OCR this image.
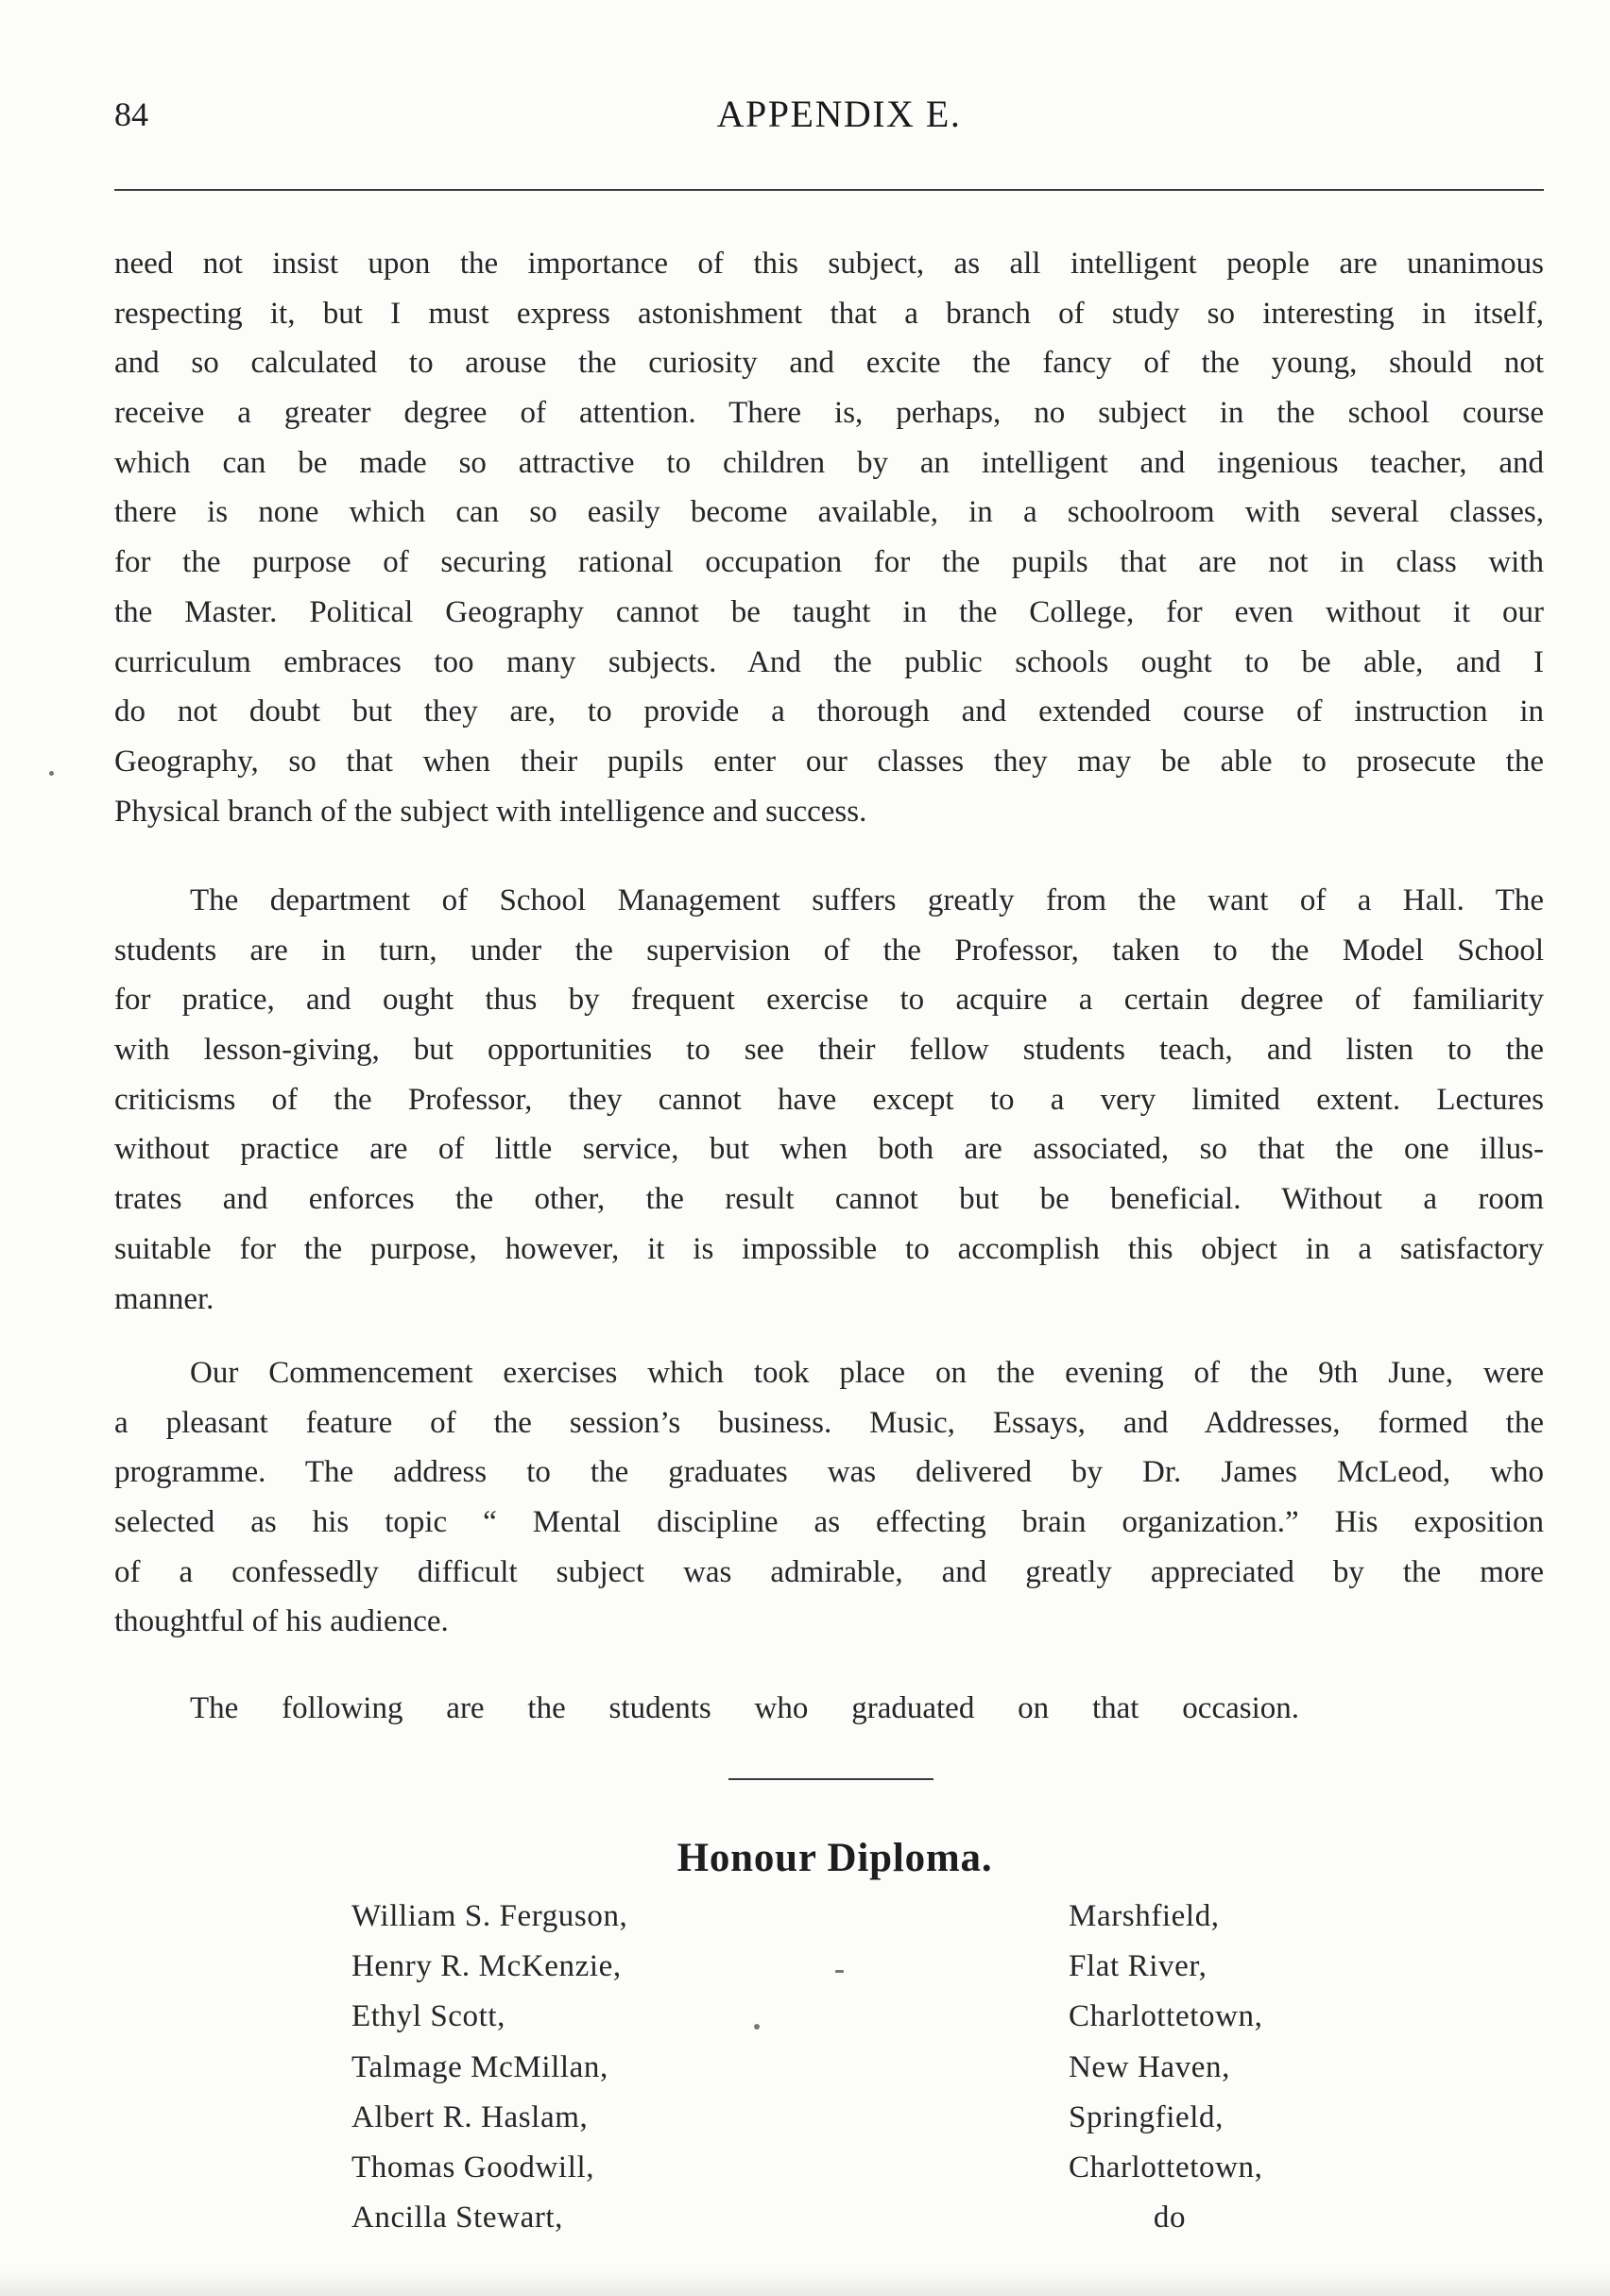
84	APPENDIX E.
need not insist upon the importance of this subject, as all intelligent people are unanimous
respecting it, but I must express astonishment that a branch of study so interesting in itself,
and so calculated to arouse the curiosity and excite the fancy of the young, should not
receive a greater degree of attention. There is, perhaps, no subject in the school course
which can be made so attractive to children by an intelligent and ingenious teacher, and
there is none which can so easily become available, in a schoolroom with several classes,
for the purpose of securing rational occupation for the pupils that are not in class with
the Master. Political Geography cannot be taught in the College, for even without it our
curriculum embraces too many subjects. And the public schools ought to be able, and I
do not doubt but they are, to provide a thorough and extended course of instruction in
Geography, so that when their pupils enter our classes they may be able to prosecute the
Physical branch of the subject with intelligence and success.
The department of School Management suffers greatly from the want of a Hall. The
students are in turn, under the supervision of the Professor, taken to the Model School
for pratice, and ought thus by frequent exercise to acquire a certain degree of familiarity
with lesson-giving, but opportunities to see their fellow students teach, and listen to the
criticisms of the Professor, they cannot have except to a very limited extent. Lectures
without practice are of little service, but when both are associated, so that the one illus-
trates and enforces the other, the result cannot but be beneficial. Without a room
suitable for the purpose, however, it is impossible to accomplish this object in a satisfactory
manner.
Our Commencement exercises which took place on the evening of the 9th June, were
a pleasant feature of the session’s business. Music, Essays, and Addresses, formed the
programme. The address to the graduates was delivered by Dr. James McLeod, who
selected as his topic “ Mental discipline as effecting brain organization.” His exposition
of a confessedly difficult subject was admirable, and greatly appreciated by the more
thoughtful of his audience.
The following are the students who graduated on that occasion.
Honour Diploma.
William S. Ferguson,	Marshfield,
Henry R. McKenzie,	Flat River,
Ethyl Scott,	Charlottetown,
Talmage McMillan,	New Haven,
Albert R. Haslam,	Springfield,
Thomas Goodwill,	Charlottetown,
Ancilla Stewart,	do
